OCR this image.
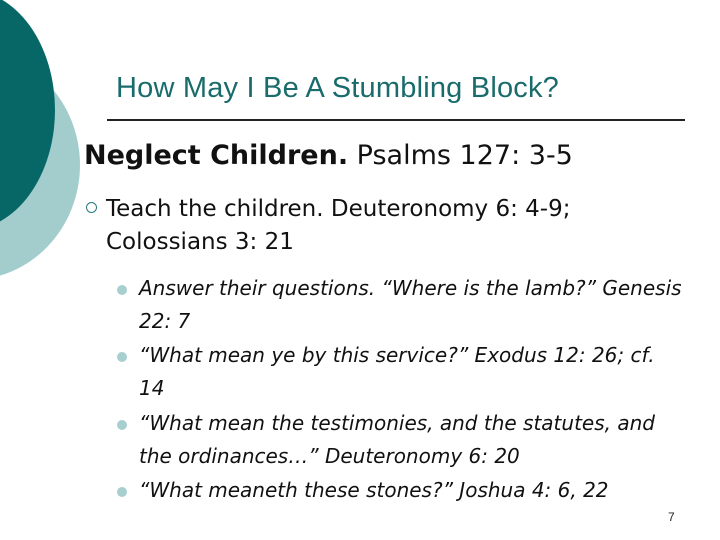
How May I Be A Stumbling Block?
Neglect Children. Psalms 127: 3-5
Teach the children. Deuteronomy 6: 4-9; Colossians 3: 21
Answer their questions. “Where is the lamb?” Genesis 22: 7
“What mean ye by this service?” Exodus 12: 26; cf. 14
“What mean the testimonies, and the statutes, and the ordinances…” Deuteronomy 6: 20
“What meaneth these stones?” Joshua 4: 6, 22
7
